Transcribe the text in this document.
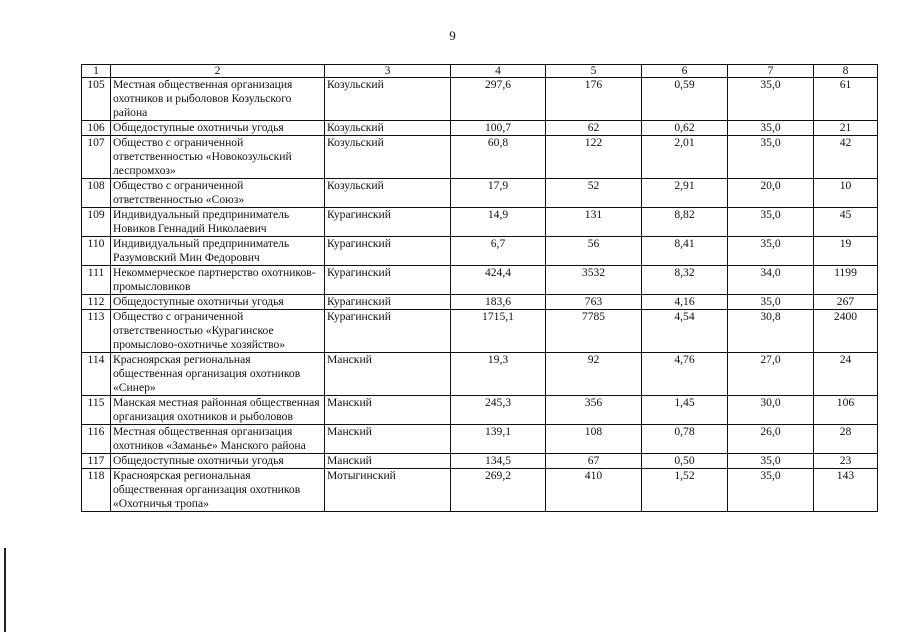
9
1	2	3	4	5	6	7	8
105	Местная общественная организация охотников и рыболовов Козульского района	Козульский	297,6	176	0,59	35,0	61
106	Общедоступные охотничьи угодья	Козульский	100,7	62	0,62	35,0	21
107	Общество с ограниченной ответственностью «Новокозульский леспромхоз»	Козульский	60,8	122	2,01	35,0	42
108	Общество с ограниченной ответственностью «Союз»	Козульский	17,9	52	2,91	20,0	10
109	Индивидуальный предприниматель Новиков Геннадий Николаевич	Курагинский	14,9	131	8,82	35,0	45
110	Индивидуальный предприниматель Разумовский Мин Федорович	Курагинский	6,7	56	8,41	35,0	19
111	Некоммерческое партнерство охотников-промысловиков	Курагинский	424,4	3532	8,32	34,0	1199
112	Общедоступные охотничьи угодья	Курагинский	183,6	763	4,16	35,0	267
113	Общество с ограниченной ответственностью «Курагинское промыслово-охотничье хозяйство»	Курагинский	1715,1	7785	4,54	30,8	2400
114	Красноярская региональная общественная организация охотников «Синер»	Манский	19,3	92	4,76	27,0	24
115	Манская местная районная общественная организация охотников и рыболовов	Манский	245,3	356	1,45	30,0	106
116	Местная общественная организация охотников «Заманье» Манского района	Манский	139,1	108	0,78	26,0	28
117	Общедоступные охотничьи угодья	Манский	134,5	67	0,50	35,0	23
118	Красноярская региональная общественная организация охотников «Охотничья тропа»	Мотыгинский	269,2	410	1,52	35,0	143
